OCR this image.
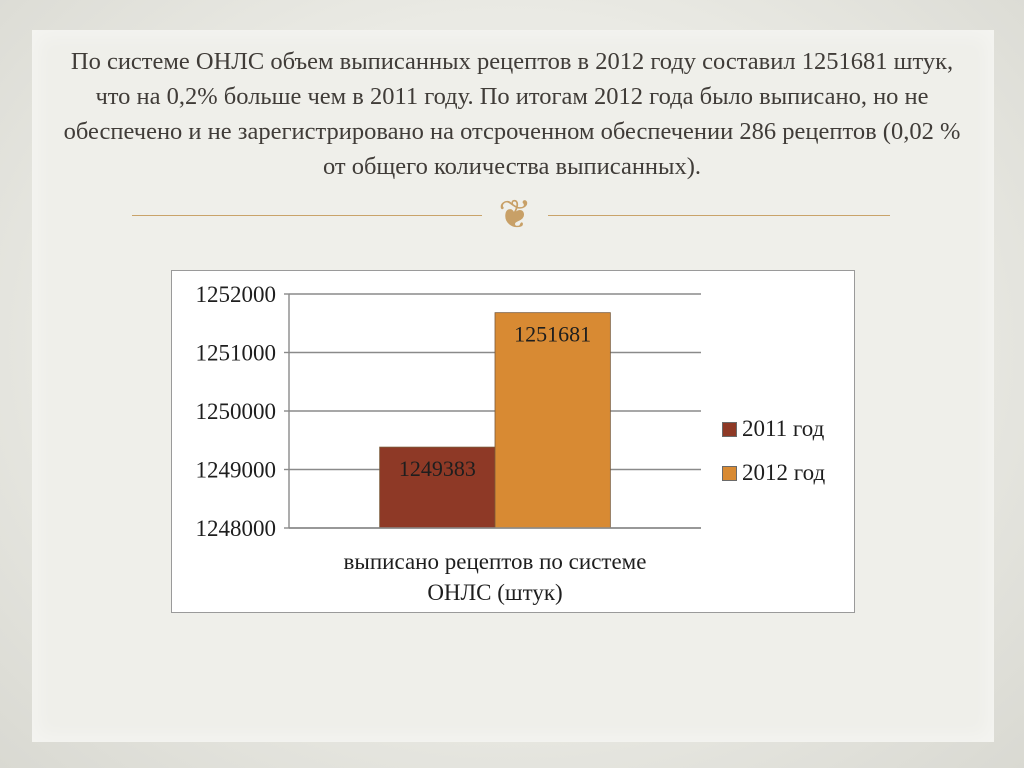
По системе ОНЛС объем выписанных рецептов в 2012 году составил 1251681 штук, что на 0,2% больше чем в 2011 году. По итогам 2012 года было выписано, но не обеспечено и не зарегистрировано на отсроченном обеспечении 286 рецептов (0,02 % от общего количества выписанных).
❦
1248000
1249000
1250000
1251000
1252000
1249383
1251681
выписано рецептов по системе
ОНЛС (штук)
2011 год
2012 год
